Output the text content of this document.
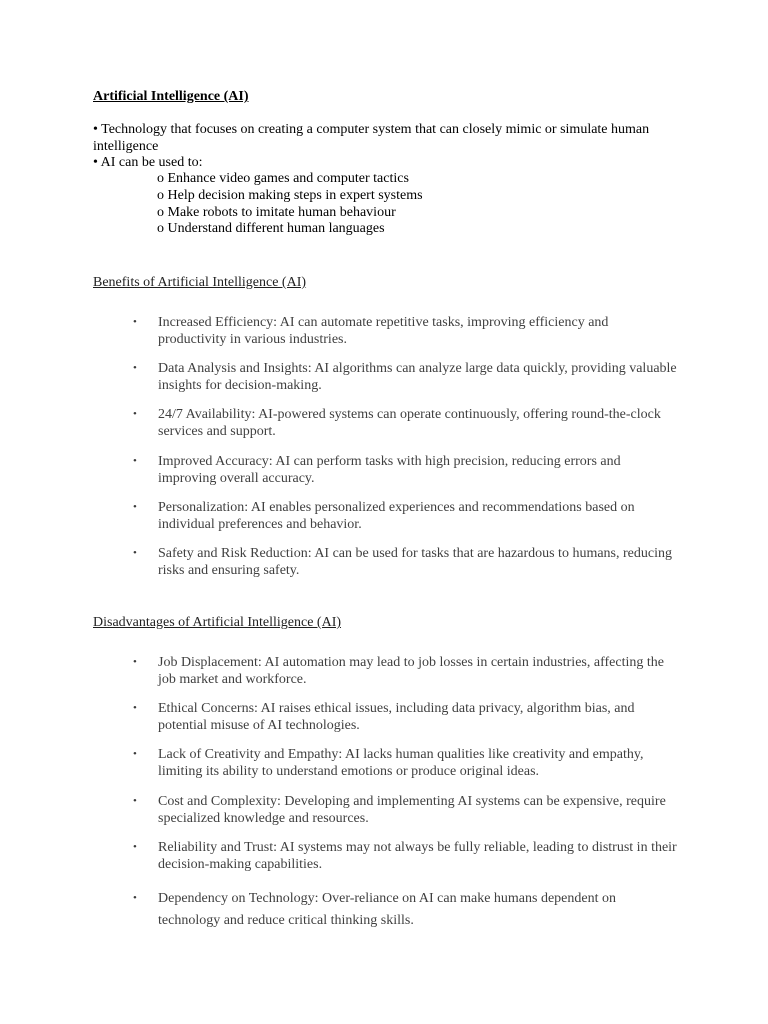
Artificial Intelligence (AI)
• Technology that focuses on creating a computer system that can closely mimic or simulate human intelligence
• AI can be used to:
o Enhance video games and computer tactics
o Help decision making steps in expert systems
o Make robots to imitate human behaviour
o Understand different human languages
Benefits of Artificial Intelligence (AI)
• Increased Efficiency: AI can automate repetitive tasks, improving efficiency and productivity in various industries.
• Data Analysis and Insights: AI algorithms can analyze large data quickly, providing valuable insights for decision-making.
• 24/7 Availability: AI-powered systems can operate continuously, offering round-the-clock services and support.
• Improved Accuracy: AI can perform tasks with high precision, reducing errors and improving overall accuracy.
• Personalization: AI enables personalized experiences and recommendations based on individual preferences and behavior.
• Safety and Risk Reduction: AI can be used for tasks that are hazardous to humans, reducing risks and ensuring safety.
Disadvantages of Artificial Intelligence (AI)
• Job Displacement: AI automation may lead to job losses in certain industries, affecting the job market and workforce.
• Ethical Concerns: AI raises ethical issues, including data privacy, algorithm bias, and potential misuse of AI technologies.
• Lack of Creativity and Empathy: AI lacks human qualities like creativity and empathy, limiting its ability to understand emotions or produce original ideas.
• Cost and Complexity: Developing and implementing AI systems can be expensive, require specialized knowledge and resources.
• Reliability and Trust: AI systems may not always be fully reliable, leading to distrust in their decision-making capabilities.
• Dependency on Technology: Over-reliance on AI can make humans dependent on technology and reduce critical thinking skills.
